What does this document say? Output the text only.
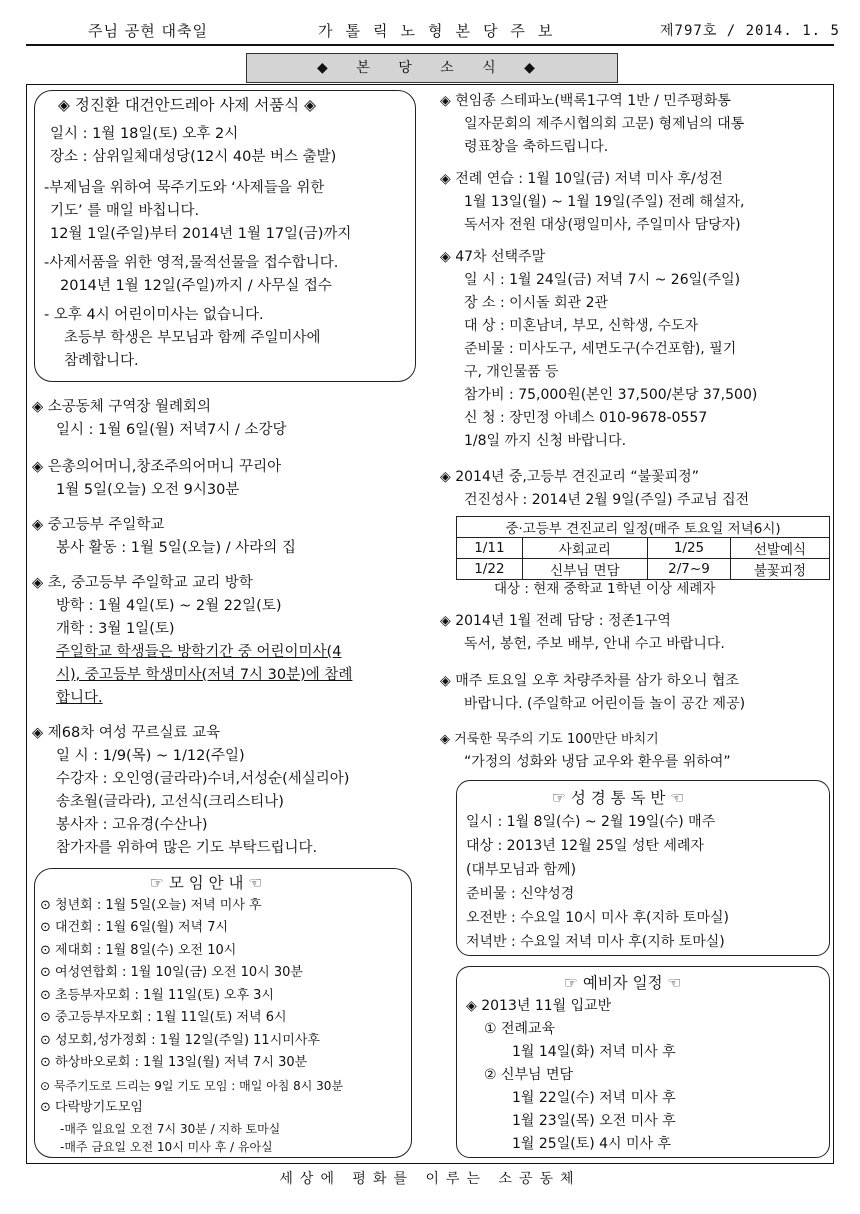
주님 공현 대축일	가톨릭노형본당주보	제797호 / 2014. 1. 5
◆ 본 당 소 식 ◆

◈ 정진환 대건안드레아 사제 서품식 ◈

일시 : 1월 18일(토) 오후 2시

장소 : 삼위일체대성당(12시 40분 버스 출발)

-부제님을 위하여 묵주기도와 ‘사제들을 위한

기도’ 를 매일 바칩니다.

12월 1일(주일)부터 2014년 1월 17일(금)까지

-사제서품을 위한 영적,물적선물을 접수합니다.

2014년 1월 12일(주일)까지 / 사무실 접수

- 오후 4시 어린이미사는 없습니다.

초등부 학생은 부모님과 함께 주일미사에

참례합니다.

◈ 소공동체 구역장 월례회의

일시 : 1월 6일(월) 저녁7시 / 소강당

◈ 은총의어머니,창조주의어머니 꾸리아

1월 5일(오늘) 오전 9시30분

◈ 중고등부 주일학교

봉사 활동 : 1월 5일(오늘) / 사라의 집

◈ 초, 중고등부 주일학교 교리 방학

방학 : 1월 4일(토) ~ 2월 22일(토)

개학 : 3월 1일(토)

주일학교 학생들은 방학기간 중 어린이미사(4

시), 중고등부 학생미사(저녁 7시 30분)에 참례

합니다.

◈ 제68차 여성 꾸르실료 교육

일 시 : 1/9(목) ~ 1/12(주일)

수강자 : 오인영(글라라)수녀,서성순(세실리아)

송초월(글라라), 고선식(크리스티나)

봉사자 : 고유경(수산나)

참가자를 위하여 많은 기도 부탁드립니다.

☞ 모 임 안 내 ☜

⊙ 청년회 : 1월 5일(오늘) 저녁 미사 후

⊙ 대건회 : 1월 6일(월) 저녁 7시

⊙ 제대회 : 1월 8일(수) 오전 10시

⊙ 여성연합회 : 1월 10일(금) 오전 10시 30분

⊙ 초등부자모회 : 1월 11일(토) 오후 3시

⊙ 중고등부자모회 : 1월 11일(토) 저녁 6시

⊙ 성모회,성가정회 : 1월 12일(주일) 11시미사후

⊙ 하상바오로회 : 1월 13일(월) 저녁 7시 30분

⊙ 묵주기도로 드리는 9일 기도 모임 : 매일 아침 8시 30분

⊙ 다락방기도모임

-매주 일요일 오전 7시 30분 / 지하 토마실

-매주 금요일 오전 10시 미사 후 / 유아실

◈ 현임종 스테파노(백록1구역 1반 / 민주평화통

일자문회의 제주시협의회 고문) 형제님의 대통

령표창을 축하드립니다.

◈ 전례 연습 : 1월 10일(금) 저녁 미사 후/성전

1월 13일(월) ~ 1월 19일(주일) 전례 해설자,

독서자 전원 대상(평일미사, 주일미사 담당자)

◈ 47차 선택주말

일 시 : 1월 24일(금) 저녁 7시 ~ 26일(주일)

장 소 : 이시돌 회관 2관

대 상 : 미혼남녀, 부모, 신학생, 수도자

준비물 : 미사도구, 세면도구(수건포함), 필기

구, 개인물품 등

참가비 : 75,000원(본인 37,500/본당 37,500)

신 청 : 장민정 아녜스 010-9678-0557

1/8일 까지 신청 바랍니다.

◈ 2014년 중,고등부 견진교리 “불꽃피정”

건진성사 : 2014년 2월 9일(주일) 주교님 집전

중·고등부 견진교리 일정(매주 토요일 저녁6시)			
1/11	사회교리	1/25	선발예식
1/22	신부님 면담	2/7~9	불꽃피정
대상 : 현재 중학교 1학년 이상 세례자

◈ 2014년 1월 전례 담당 : 정존1구역

독서, 봉헌, 주보 배부, 안내 수고 바랍니다.

◈ 매주 토요일 오후 차량주차를 삼가 하오니 협조

바랍니다. (주일학교 어린이들 놀이 공간 제공)

◈ 거룩한 묵주의 기도 100만단 바치기

“가정의 성화와 냉담 교우와 환우를 위하여”

☞ 성 경 통 독 반 ☜

일시 : 1월 8일(수) ~ 2월 19일(수) 매주

대상 : 2013년 12월 25일 성탄 세례자

(대부모님과 함께)

준비물 : 신약성경

오전반 : 수요일 10시 미사 후(지하 토마실)

저녁반 : 수요일 저녁 미사 후(지하 토마실)

☞ 예비자 일정 ☜

◈ 2013년 11월 입교반

① 전례교육

1월 14일(화) 저녁 미사 후

② 신부님 면담

1월 22일(수) 저녁 미사 후

1월 23일(목) 오전 미사 후

1월 25일(토) 4시 미사 후

세상에 평화를 이루는 소공동체
